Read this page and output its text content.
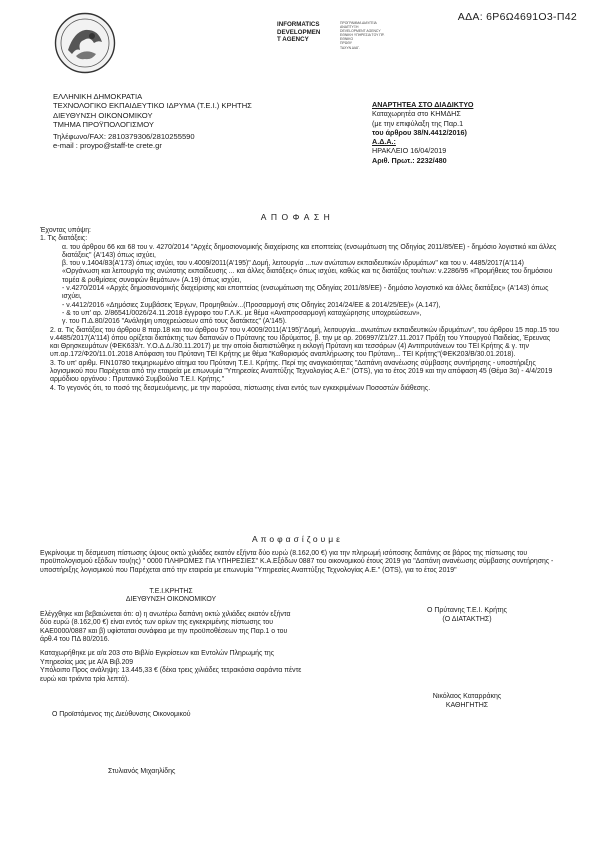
ΑΔΑ: 6Ρ6Ω4691Ο3-Π42
INFORMATICS
DEVELOPMEN
T AGENCY
ΠΡΟΓΡΑΜΜΑ ΔΙΑΥΓΕΙΑ
ΑΝΑΠΤΥΞΗ
DEVELOPMENT AGENCY
ΕΘΝΙΚΗ ΥΠΗΡΕΣΙΑ ΤΟΥ ΠΡ.
ΕΘΝΙΚΟ
ΠΡΩΘΥ
ΤΑΧΥΝ ΔΙΑΓ.
ΕΛΛΗΝΙΚΗ ΔΗΜΟΚΡΑΤΙΑ
ΤΕΧΝΟΛΟΓΙΚΟ ΕΚΠΑΙΔΕΥΤΙΚΟ ΙΔΡΥΜΑ (Τ.Ε.Ι.) ΚΡΗΤΗΣ
ΔΙΕΥΘΥΝΣΗ ΟΙΚΟΝΟΜΙΚΟΥ
ΤΜΗΜΑ ΠΡΟΫΠΟΛΟΓΙΣΜΟΥ
Τηλέφωνο/FAX: 2810379306/2810255590
e-mail : proypo@staff-te crete.gr
ΑΝΑΡΤΗΤΕΑ ΣΤΟ ΔΙΑΔΙΚΤΥΟ
Καταχωρητέα στο ΚΗΜΔΗΣ
(με την επιφύλαξη της Παρ.1
του άρθρου 38/Ν.4412/2016)
Α.Δ.Α.:
ΗΡΑΚΛΕΙΟ 16/04/2019
Αριθ. Πρωτ.: 2232/480
ΑΠΟΦΑΣΗ

Έχοντας υπόψη:

1. Τις διατάξεις:

α. του άρθρου 66 και 68 του ν. 4270/2014 "Αρχές δημοσιονομικής διαχείρισης και εποπτείας (ενσωμάτωση της Οδηγίας 2011/85/ΕΕ) - δημόσιο λογιστικό και άλλες διατάξεις" (Α'143) όπως ισχύει,

β. του ν.1404/83(Α'173) όπως ισχύει, του ν.4009/2011(Α'195)" Δομή, λειτουργία ...των ανώτατων εκπαιδευτικών ιδρυμάτων" και του ν. 4485/2017(Α'114) «Οργάνωση και λειτουργία της ανώτατης εκπαίδευσης ... και άλλες διατάξεις» όπως ισχύει, καθώς και τις διατάξεις του/των: ν.2286/95 «Προμήθειες του δημόσιου τομέα & ρυθμίσεις συναφών θεμάτων» (Α.19) όπως ισχύει,

- ν.4270/2014 «Αρχές δημοσιονομικής διαχείρισης και εποπτείας (ενσωμάτωση της Οδηγίας 2011/85/ΕΕ) - δημόσιο λογιστικό και άλλες διατάξεις» (Α'143) όπως ισχύει,

- ν.4412/2016 «Δημόσιες Συμβάσεις Έργων, Προμηθειών...(Προσαρμογή στις Οδηγίες 2014/24/ΕΕ & 2014/25/ΕΕ)» (Α.147),

- & το υπ' αρ. 2/86541/0026/24.11.2018 έγγραφο του Γ.Λ.Κ. με θέμα «Αναπροσαρμογή καταχώρησης υποχρεώσεων»,

γ. του Π.Δ.80/2016 "Ανάληψη υποχρεώσεων από τους διατάκτες" (Α'145).

2. α. Τις διατάξεις του άρθρου 8 παρ.18 και του άρθρου 57 του ν.4009/2011(Α'195)"Δομή, λειτουργία...ανωτάτων εκπαιδευτικών ιδρυμάτων", του άρθρου 15 παρ.15 του ν.4485/2017(Α'114) όπου ορίζεται διατάκτης των δαπανών ο Πρύτανης του Ιδρύματος, β. την με αρ. 206997/Ζ1/27.11.2017 Πράξη του Υπουργού Παιδείας, Έρευνας και Θρησκευμάτων (ΦΕΚ633/τ. Υ.Ο.Δ.Δ./30.11.2017) με την οποία διαπιστώθηκε η εκλογή Πρύτανη και τεσσάρων (4) Αντιπρυτάνεων του ΤΕΙ Κρήτης & γ. την υπ.αρ.172/Φ20/11.01.2018 Απόφαση του Πρύτανη ΤΕΙ Κρήτης με θέμα "Καθορισμός αναπλήρωσης του Πρύτανη... ΤΕΙ Κρήτης"(ΦΕΚ203/Β/30.01.2018).

3. Το υπ' αριθμ. FIN10780 τεκμηριωμένο αίτημα του Πρύτανη Τ.Ε.Ι. Κρήτης. Περί της αναγκαιότητας "Δαπάνη ανανέωσης σύμβασης συντήρησης - υποστήριξης λογισμικού που Παρέχεται από την εταιρεία με επωνυμία "Υπηρεσίες Αναπτύξης Τεχνολογίας Α.Ε." (OTS), για το έτος 2019 και την απόφαση 45 (Θέμα 3α) - 4/4/2019 αρμόδιου οργάνου : Πρυτανικό Συμβούλιο Τ.Ε.Ι. Κρήτης."

4. Το γεγονός ότι, το ποσό της δεσμευόμενης, με την παρούσα, πίστωσης είναι εντός των εγκεκριμένων Ποσοστών διάθεσης.

Αποφασίζουμε

Εγκρίνουμε τη δέσμευση πίστωσης ύψους οκτώ χιλιάδες εκατόν εξήντα δύο ευρώ (8.162,00 €) για την πληρωμή ισόποσης δαπάνης σε βάρος της πίστωσης του προϋπολογισμού εξόδων του(ης) " 0000 ΠΛΗΡΩΜΕΣ ΓΙΑ ΥΠΗΡΕΣΙΕΣ" Κ.Α.Εξόδων 0887 του οικονομικού έτους 2019 για "Δαπάνη ανανέωσης σύμβασης συντήρησης - υποστήριξης λογισμικού που Παρέχεται από την εταιρεία με επωνυμία "Υπηρεσίες Αναπτύξης Τεχνολογίας Α.Ε." (OTS), για το έτος 2019"

Τ.Ε.Ι.ΚΡΗΤΗΣ

ΔΙΕΥΘΥΝΣΗ ΟΙΚΟΝΟΜΙΚΟΥ

Ελέγχθηκε και βεβαιώνεται ότι: α) η ανωτέρω δαπάνη οκτώ χιλιάδες εκατόν εξήντα δύο ευρώ (8.162,00 €) είναι εντός των ορίων της εγκεκριμένης πίστωσης του ΚΑΕ0000/0887 και β) υφίσταται συνάφεια με την προϋποθέσεων της Παρ.1 ο του άρθ.4 του ΠΔ 80/2016.

Καταχωρήθηκε με α/α 203 στο Βιβλίο Εγκρίσεων και Εντολών Πληρωμής της Υπηρεσίας μας με Α/Α Βιβ.209

Υπόλοιπο Προς ανάληψη: 13.445,33 € (δέκα τρεις χιλιάδες τετρακόσια σαράντα πέντε ευρώ και τριάντα τρία λεπτά).

Ο Πρύτανης Τ.Ε.Ι. Κρήτης
(Ο ΔΙΑΤΑΚΤΗΣ)
Νικόλαος Καταρράκης
ΚΑΘΗΓΗΤΗΣ
Ο Προϊστάμενος της Διεύθυνσης Οικονομικού
Στυλιανός Μιχαηλίδης
